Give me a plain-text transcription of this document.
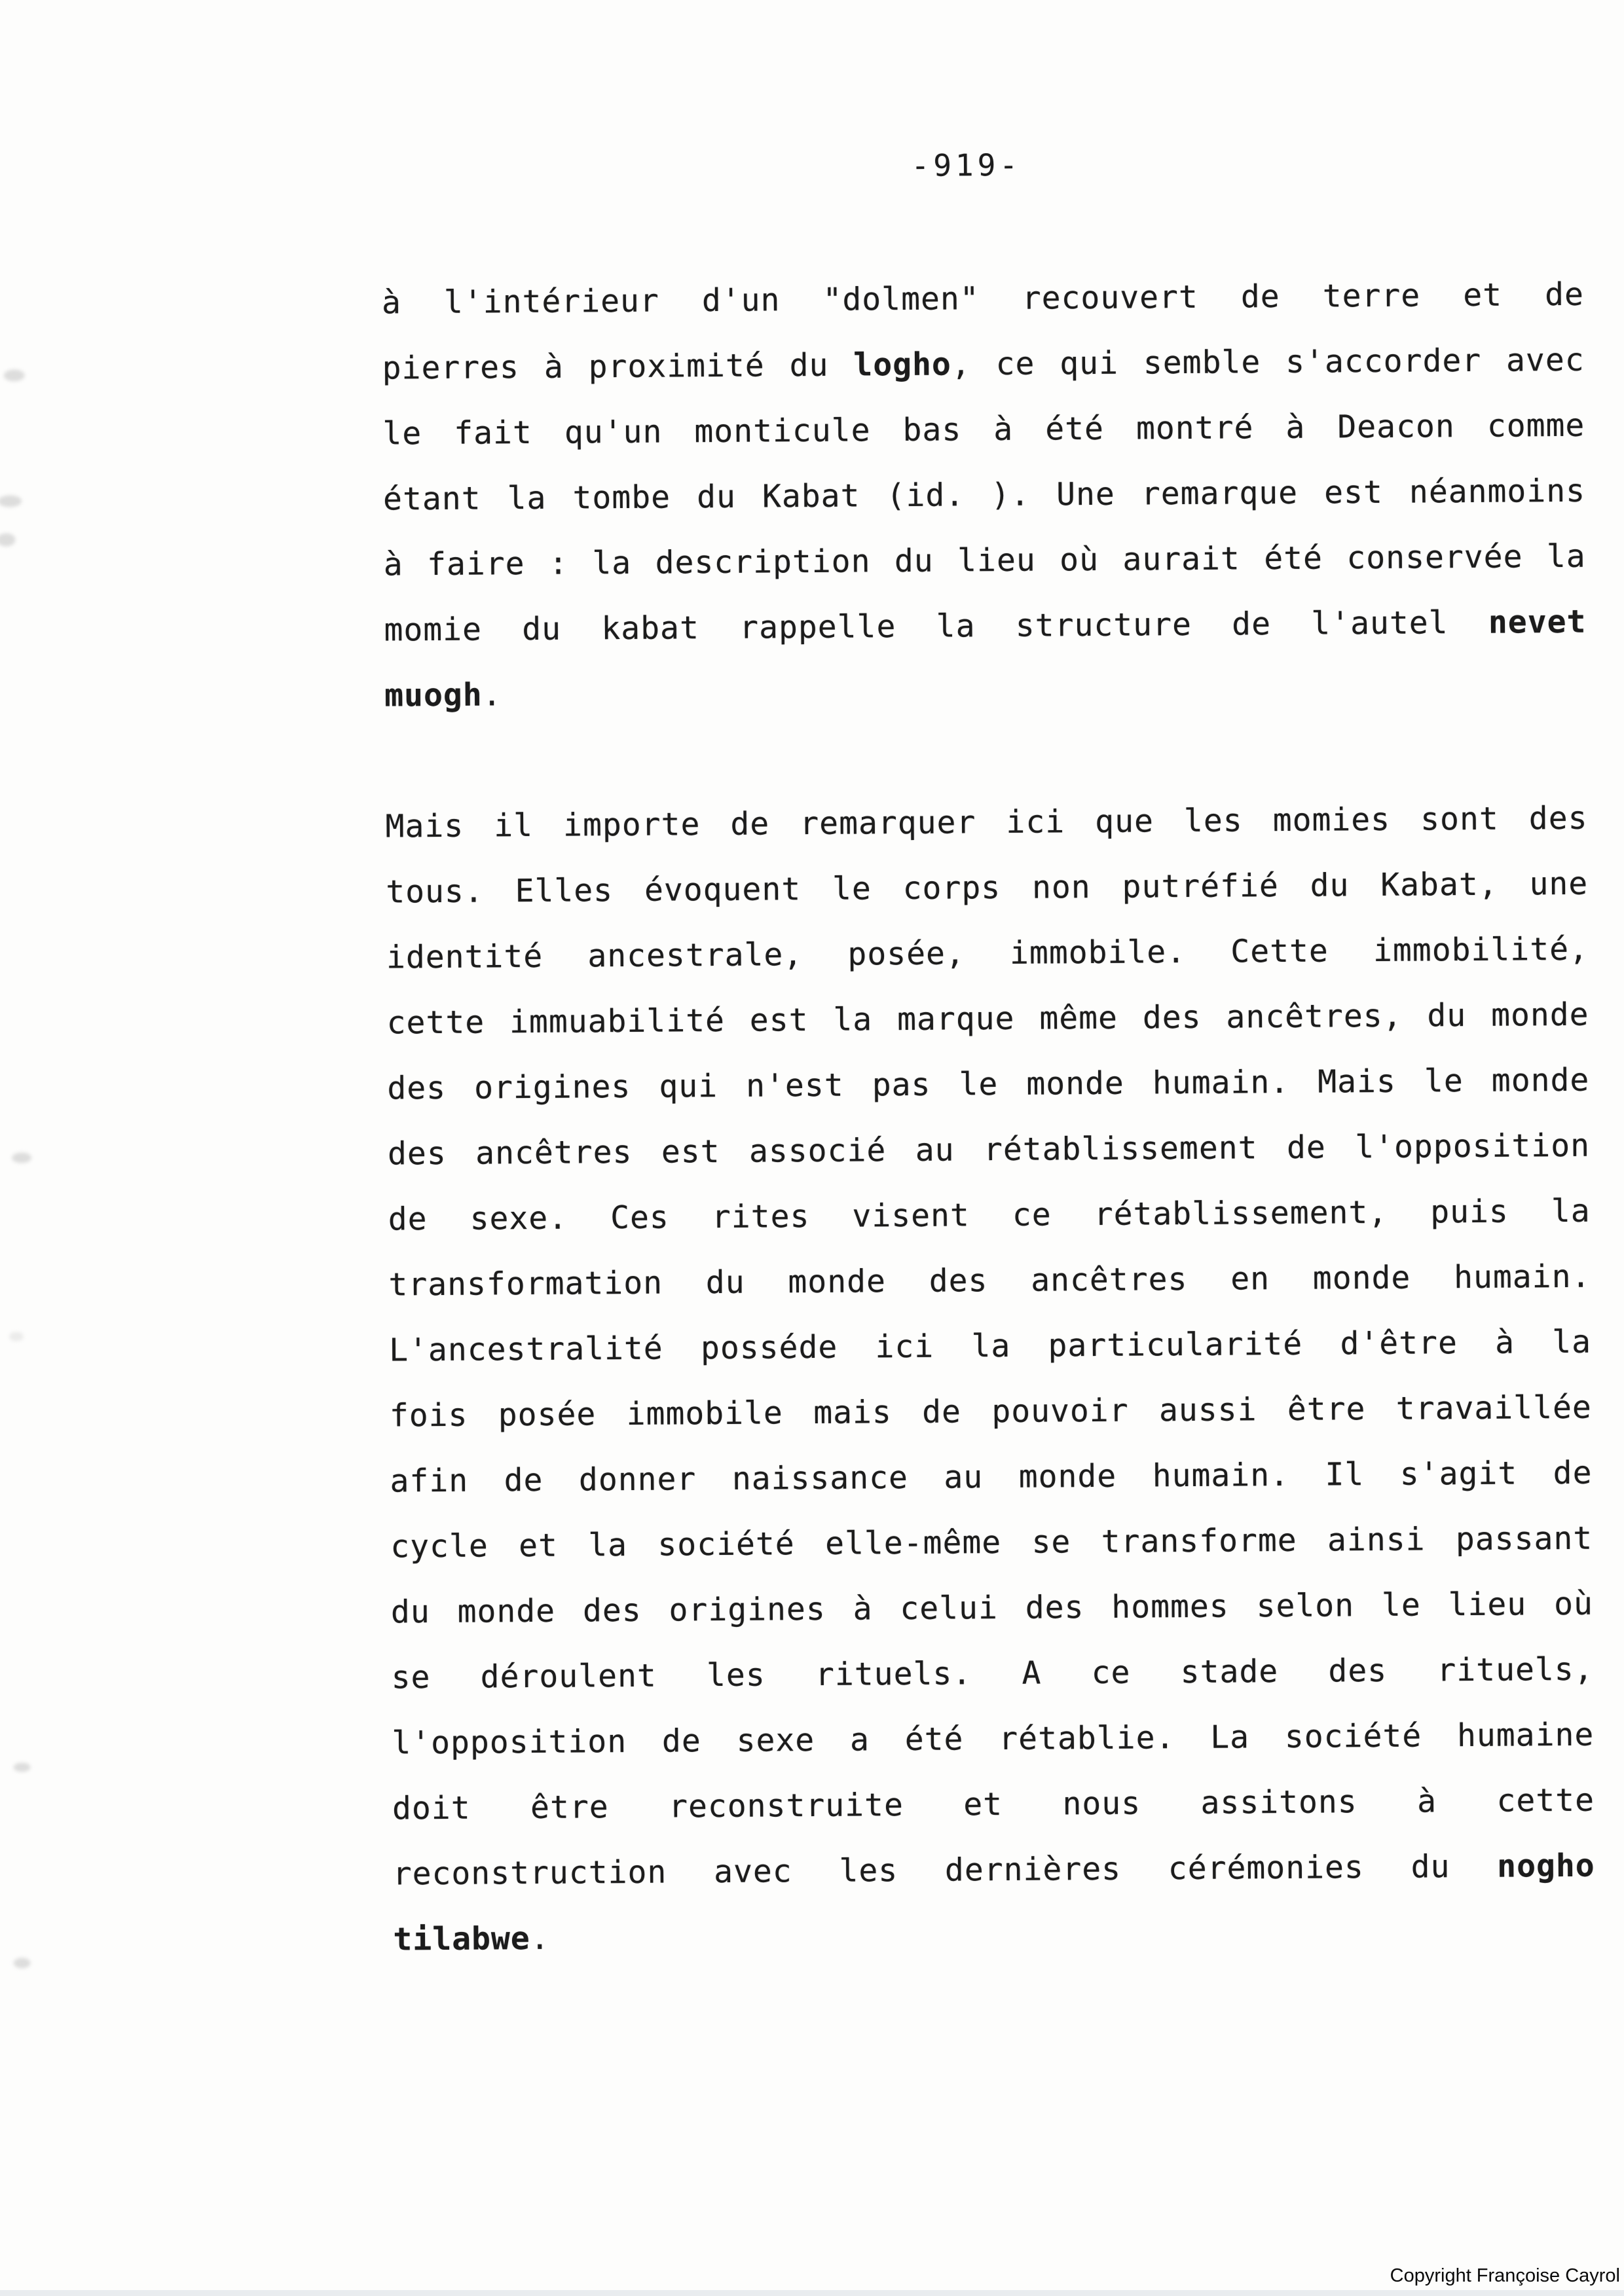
-919-
à l'intérieur d'un "dolmen" recouvert de terre et de
pierres à proximité du logho, ce qui semble s'accorder avec
le fait qu'un monticule bas à été montré à Deacon comme
étant la tombe du Kabat (id. ). Une remarque est néanmoins
à faire : la description du lieu où aurait été conservée la
momie du kabat rappelle la structure de l'autel nevet
muogh.
Mais il importe de remarquer ici que les momies sont des
tous. Elles évoquent le corps non putréfié du Kabat, une
identité ancestrale, posée, immobile. Cette immobilité,
cette immuabilité est la marque même des ancêtres, du monde
des origines qui n'est pas le monde humain. Mais le monde
des ancêtres est associé au rétablissement de l'opposition
de sexe. Ces rites visent ce rétablissement, puis la
transformation du monde des ancêtres en monde humain.
L'ancestralité posséde ici la particularité d'être à la
fois posée immobile mais de pouvoir aussi être travaillée
afin de donner naissance au monde humain. Il s'agit de
cycle et la société elle-même se transforme ainsi passant
du monde des origines à celui des hommes selon le lieu où
se déroulent les rituels. A ce stade des rituels,
l'opposition de sexe a été rétablie. La société humaine
doit être reconstruite et nous assitons à cette
reconstruction avec les dernières cérémonies du nogho
tilabwe.
Copyright Françoise Cayrol
